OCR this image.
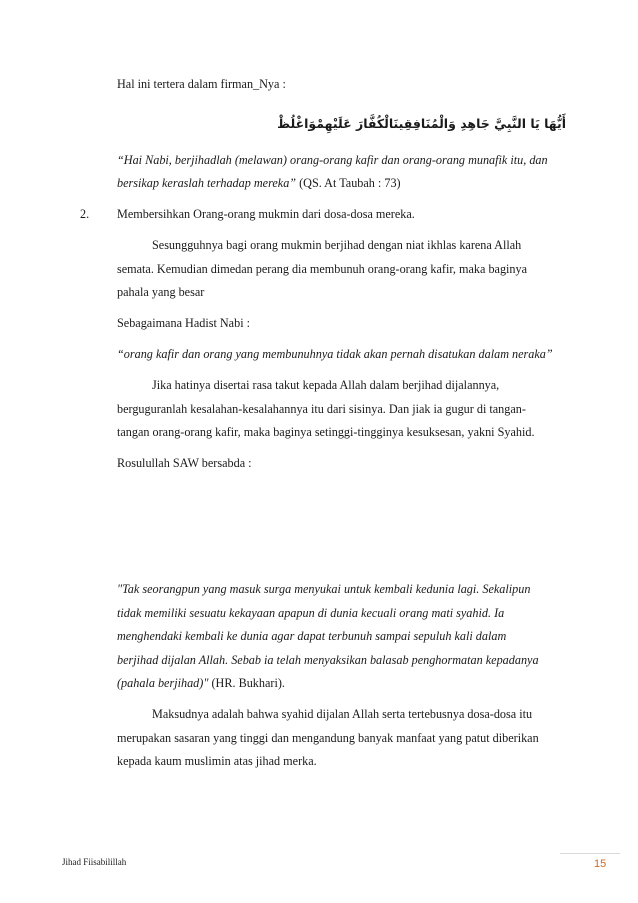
Hal ini tertera dalam firman_Nya :
أَيُّهَا يَا النَّبِيَّ جَاهِدِ وَالْمُنَافِقِينَالْكُفَّارَ عَلَيْهِمْوَاغْلُظْ
“Hai Nabi, berjihadlah (melawan) orang-orang kafir dan orang-orang munafik itu, dan
bersikap keraslah terhadap mereka” (QS. At Taubah : 73)
2. Membersihkan Orang-orang mukmin dari dosa-dosa mereka.
Sesungguhnya bagi orang mukmin berjihad dengan niat ikhlas karena Allah
semata. Kemudian dimedan perang dia membunuh orang-orang kafir, maka baginya
pahala yang besar
Sebagaimana Hadist Nabi :
“orang kafir dan orang yang membunuhnya tidak akan pernah disatukan dalam neraka”
Jika hatinya disertai rasa takut kepada Allah dalam berjihad dijalannya,
berguguranlah kesalahan-kesalahannya itu dari sisinya. Dan jiak ia gugur di tangan-
tangan orang-orang kafir, maka baginya setinggi-tingginya kesuksesan, yakni Syahid.
Rosulullah SAW bersabda :
"Tak seorangpun yang masuk surga menyukai untuk kembali kedunia lagi. Sekalipun
tidak memiliki sesuatu kekayaan apapun di dunia kecuali orang mati syahid. Ia
menghendaki kembali ke dunia agar dapat terbunuh sampai sepuluh kali dalam
berjihad dijalan Allah. Sebab ia telah menyaksikan balasab penghormatan kepadanya
(pahala berjihad)" (HR. Bukhari).
Maksudnya adalah bahwa syahid dijalan Allah serta tertebusnya dosa-dosa itu
merupakan sasaran yang tinggi dan mengandung banyak manfaat yang patut diberikan
kepada kaum muslimin atas jihad merka.
Jihad Fiisabilillah	15
